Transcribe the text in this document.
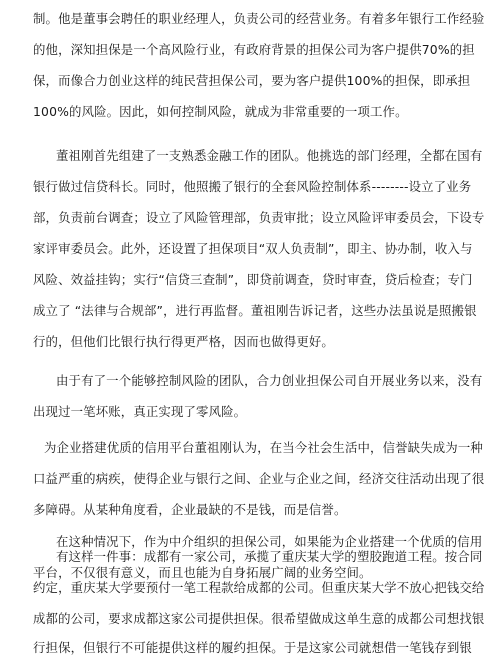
制。他是董事会聘任的职业经理人，负责公司的经营业务。有着多年银行工作经验
的他，深知担保是一个高风险行业，有政府背景的担保公司为客户提供70%的担
保，而像合力创业这样的纯民营担保公司，要为客户提供100%的担保，即承担
100%的风险。因此，如何控制风险，就成为非常重要的一项工作。
董祖刚首先组建了一支熟悉金融工作的团队。他挑选的部门经理，全都在国有
银行做过信贷科长。同时，他照搬了银行的全套风险控制体系--------设立了业务
部，负责前台调查；设立了风险管理部，负责审批；设立风险评审委员会，下设专
家评审委员会。此外，还设置了担保项目“双人负责制”，即主、协办制，收入与
风险、效益挂钩；实行“信贷三查制”，即贷前调查，贷时审查，贷后检查；专门
成立了 “法律与合规部”，进行再监督。董祖刚告诉记者，这些办法虽说是照搬银
行的，但他们比银行执行得更严格，因而也做得更好。
由于有了一个能够控制风险的团队，合力创业担保公司自开展业务以来，没有
出现过一笔坏账，真正实现了零风险。
为企业搭建优质的信用平台董祖刚认为，在当今社会生活中，信誉缺失成为一种
口益严重的病疾，使得企业与银行之间、企业与企业之间，经济交往活动出现了很
多障碍。从某种角度看，企业最缺的不是钱，而是信誉。
在这种情况下，作为中介组织的担保公司，如果能为企业搭建一个优质的信用
平台，不仅很有意义，而且也能为自身拓展广阔的业务空间。
有这样一件事：成都有一家公司，承揽了重庆某大学的塑胶跑道工程。按合同
约定，重庆某大学要预付一笔工程款给成都的公司。但重庆某大学不放心把钱交给
成都的公司，要求成都这家公司提供担保。很希望做成这单生意的成都公司想找银
行担保，但银行不可能提供这样的履约担保。于是这家公司就想借一笔钱存到银
